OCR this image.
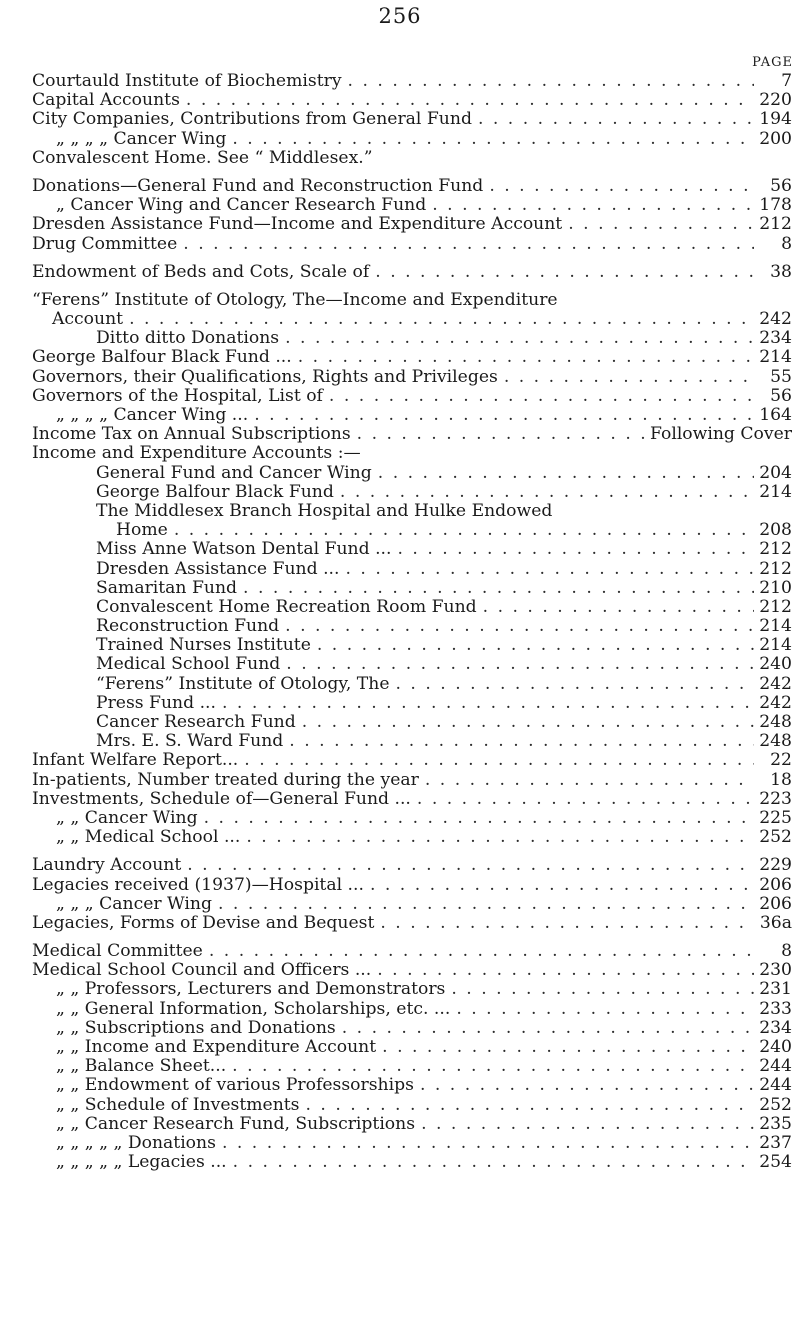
256
PAGE
Courtauld Institute of Biochemistry . . .	7
Capital Accounts . . .	220
City Companies, Contributions from General Fund . . .	194
„ „ „ „ Cancer Wing . . .	200
Convalescent Home. See “ Middlesex.”
Donations—General Fund and Reconstruction Fund . . .	56
„ Cancer Wing and Cancer Research Fund . . .	178
Dresden Assistance Fund—Income and Expenditure Account . . .	212
Drug Committee . . .	8
Endowment of Beds and Cots, Scale of . . .	38
“Ferens” Institute of Otology, The—Income and Expenditure
Account . . .	242
Ditto ditto Donations . . .	234
George Balfour Black Fund ... . . .	214
Governors, their Qualifications, Rights and Privileges . . .	55
Governors of the Hospital, List of . . .	56
„ „ „ „ Cancer Wing ... . . .	164
Income Tax on Annual Subscriptions . . .	Following Cover
Income and Expenditure Accounts :—
General Fund and Cancer Wing . . .	204
George Balfour Black Fund . . .	214
The Middlesex Branch Hospital and Hulke Endowed
Home . . .	208
Miss Anne Watson Dental Fund ... . . .	212
Dresden Assistance Fund ... . . .	212
Samaritan Fund . . .	210
Convalescent Home Recreation Room Fund . . .	212
Reconstruction Fund . . .	214
Trained Nurses Institute . . .	214
Medical School Fund . . .	240
“Ferens” Institute of Otology, The . . .	242
Press Fund ... . . .	242
Cancer Research Fund . . .	248
Mrs. E. S. Ward Fund . . .	248
Infant Welfare Report... . . .	22
In-patients, Number treated during the year . . .	18
Investments, Schedule of—General Fund ... . . .	223
„ „ Cancer Wing . . .	225
„ „ Medical School ... . . .	252
Laundry Account . . .	229
Legacies received (1937)—Hospital ... . . .	206
„ „ „ Cancer Wing . . .	206
Legacies, Forms of Devise and Bequest . . .	36a
Medical Committee . . .	8
Medical School Council and Officers ... . . .	230
„ „ Professors, Lecturers and Demonstrators . . .	231
„ „ General Information, Scholarships, etc. ... . . .	233
„ „ Subscriptions and Donations . . .	234
„ „ Income and Expenditure Account . . .	240
„ „ Balance Sheet... . . .	244
„ „ Endowment of various Professorships . . .	244
„ „ Schedule of Investments . . .	252
„ „ Cancer Research Fund, Subscriptions . . .	235
„ „ „ „ „ Donations . . .	237
„ „ „ „ „ Legacies ... . . .	254
